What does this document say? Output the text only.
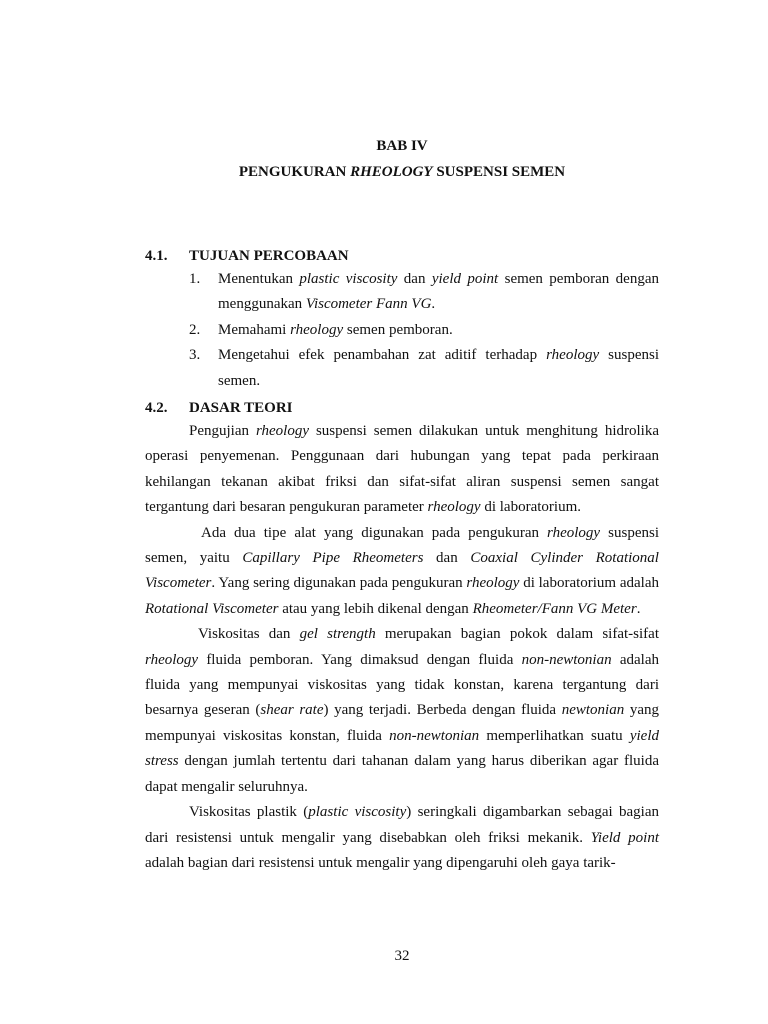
BAB IV
PENGUKURAN RHEOLOGY SUSPENSI SEMEN
4.1. TUJUAN PERCOBAAN
1. Menentukan plastic viscosity dan yield point semen pemboran dengan menggunakan Viscometer Fann VG.
2. Memahami rheology semen pemboran.
3. Mengetahui efek penambahan zat aditif terhadap rheology suspensi semen.
4.2. DASAR TEORI

Pengujian rheology suspensi semen dilakukan untuk menghitung hidrolika operasi penyemenan. Penggunaan dari hubungan yang tepat pada perkiraan kehilangan tekanan akibat friksi dan sifat-sifat aliran suspensi semen sangat tergantung dari besaran pengukuran parameter rheology di laboratorium.

Ada dua tipe alat yang digunakan pada pengukuran rheology suspensi semen, yaitu Capillary Pipe Rheometers dan Coaxial Cylinder Rotational Viscometer. Yang sering digunakan pada pengukuran rheology di laboratorium adalah Rotational Viscometer atau yang lebih dikenal dengan Rheometer/Fann VG Meter.

Viskositas dan gel strength merupakan bagian pokok dalam sifat-sifat rheology fluida pemboran. Yang dimaksud dengan fluida non-newtonian adalah fluida yang mempunyai viskositas yang tidak konstan, karena tergantung dari besarnya geseran (shear rate) yang terjadi. Berbeda dengan fluida newtonian yang mempunyai viskositas konstan, fluida non-newtonian memperlihatkan suatu yield stress dengan jumlah tertentu dari tahanan dalam yang harus diberikan agar fluida dapat mengalir seluruhnya.

Viskositas plastik (plastic viscosity) seringkali digambarkan sebagai bagian dari resistensi untuk mengalir yang disebabkan oleh friksi mekanik. Yield point adalah bagian dari resistensi untuk mengalir yang dipengaruhi oleh gaya tarik-

32
